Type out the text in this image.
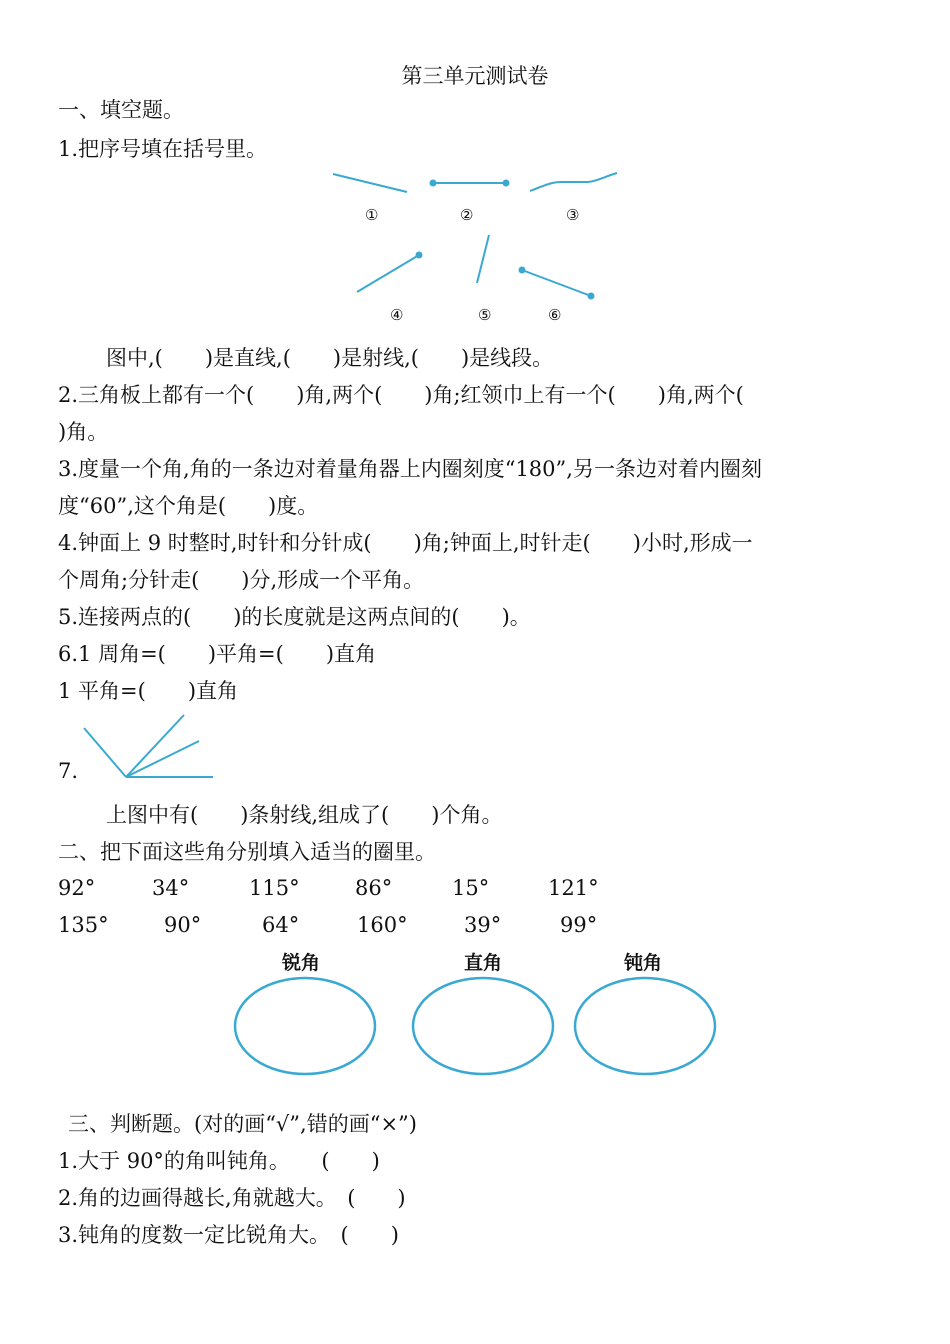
第三单元测试卷
一、填空题。
1.把序号填在括号里。
①	②	③
④	⑤	⑥
图中,(　　)是直线,(　　)是射线,(　　)是线段。
2.三角板上都有一个(　　)角,两个(　　)角;红领巾上有一个(　　)角,两个(
)角。
3.度量一个角,角的一条边对着量角器上内圈刻度“180”,另一条边对着内圈刻
度“60”,这个角是(　　)度。
4.钟面上 9 时整时,时针和分针成(　　)角;钟面上,时针走(　　)小时,形成一
个周角;分针走(　　)分,形成一个平角。
5.连接两点的(　　)的长度就是这两点间的(　　)。
6.1 周角=(　　)平角=(　　)直角
1 平角=(　　)直角
7.
上图中有(　　)条射线,组成了(　　)个角。
二、把下面这些角分别填入适当的圈里。
92°	34°	115°	86°	15°	121°
135°	90°	64°	160°	39°	99°
锐角	直角	钝角
三、判断题。(对的画“√”,错的画“×”)
1.大于 90°的角叫钝角。　　(　　)
2.角的边画得越长,角就越大。　(　　)
3.钝角的度数一定比锐角大。　(　　)
